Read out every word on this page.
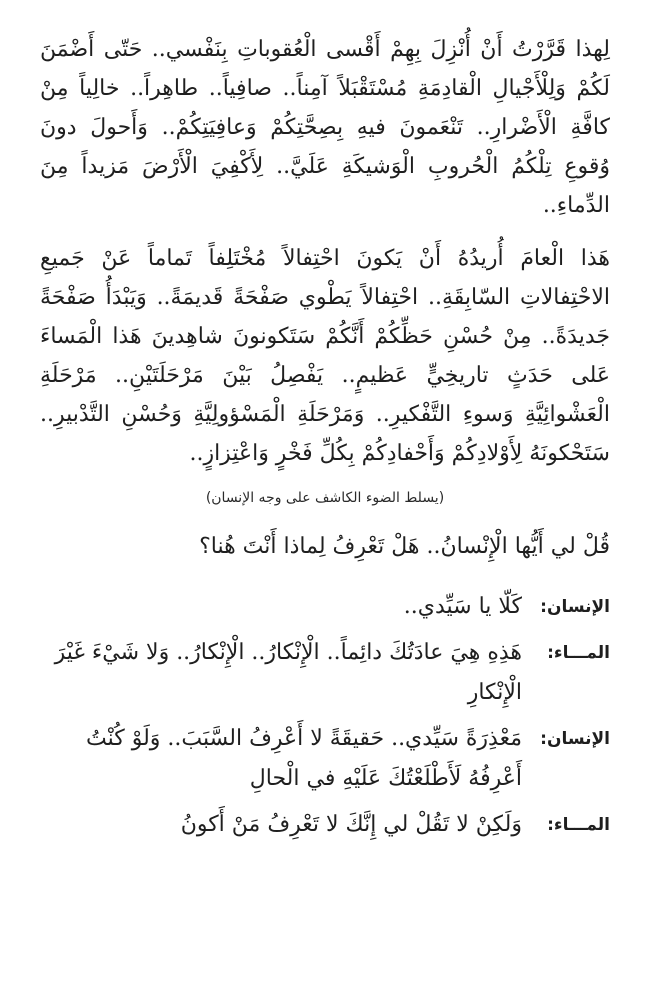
لِهذا قَرَّرْتُ أَنْ أُنْزِلَ بِهِمْ أَقْسى الْعُقوباتِ بِنَفْسي.. حَتّى أَضْمَنَ لَكُمْ وَلِلْأَجْيالِ الْقادِمَةِ مُسْتَقْبَلاً آمِناً.. صافِياً.. طاهِراً.. خالِياً مِنْ كافَّةِ الْأَضْرارِ.. تَنْعَمونَ فيهِ بِصِحَّتِكُمْ وَعافِيَتِكُمْ.. وَأَحولَ دونَ وُقوعِ تِلْكُمُ الْحُروبِ الْوَشيكَةِ عَلَيَّ.. لِأَكْفِيَ الْأَرْضَ مَزيداً مِنَ الدِّماءِ..

هَذا الْعامَ أُريدُهُ أَنْ يَكونَ احْتِفالاً مُخْتَلِفاً تَماماً عَنْ جَميعِ الاحْتِفالاتِ السّابِقَةِ.. احْتِفالاً يَطْوي صَفْحَةً قَديمَةً.. وَيَبْدَأُ صَفْحَةً جَديدَةً.. مِنْ حُسْنِ حَظِّكُمْ أَنَّكُمْ سَتَكونونَ شاهِدينَ هَذا الْمَساءَ عَلى حَدَثٍ تاريخِيٍّ عَظيمٍ.. يَفْصِلُ بَيْنَ مَرْحَلَتَيْنِ.. مَرْحَلَةِ الْعَشْوائِيَّةِ وَسوءِ التَّفْكيرِ.. وَمَرْحَلَةِ الْمَسْؤولِيَّةِ وَحُسْنِ التَّدْبيرِ.. سَتَحْكونَهُ لِأَوْلادِكُمْ وَأَحْفادِكُمْ بِكُلِّ فَخْرٍ وَاعْتِزازٍ..

(يسلط الضوء الكاشف على وجه الإنسان)
قُلْ لي أَيُّها الْإِنْسانُ.. هَلْ تَعْرِفُ لِماذا أَنْتَ هُنا؟
الإنسان:
كَلّا يا سَيِّدي..
المـــاء:
هَذِهِ هِيَ عادَتُكَ دائِماً.. الْإِنْكارُ.. الْإِنْكارُ.. وَلا شَيْءَ غَيْرَ الْإِنْكارِ
الإنسان:
مَعْذِرَةً سَيِّدي.. حَقيقَةً لا أَعْرِفُ السَّبَبَ.. وَلَوْ كُنْتُ أَعْرِفُهُ لَأَطْلَعْتُكَ عَلَيْهِ في الْحالِ
المـــاء:
وَلَكِنْ لا تَقُلْ لي إِنَّكَ لا تَعْرِفُ مَنْ أَكونُ
